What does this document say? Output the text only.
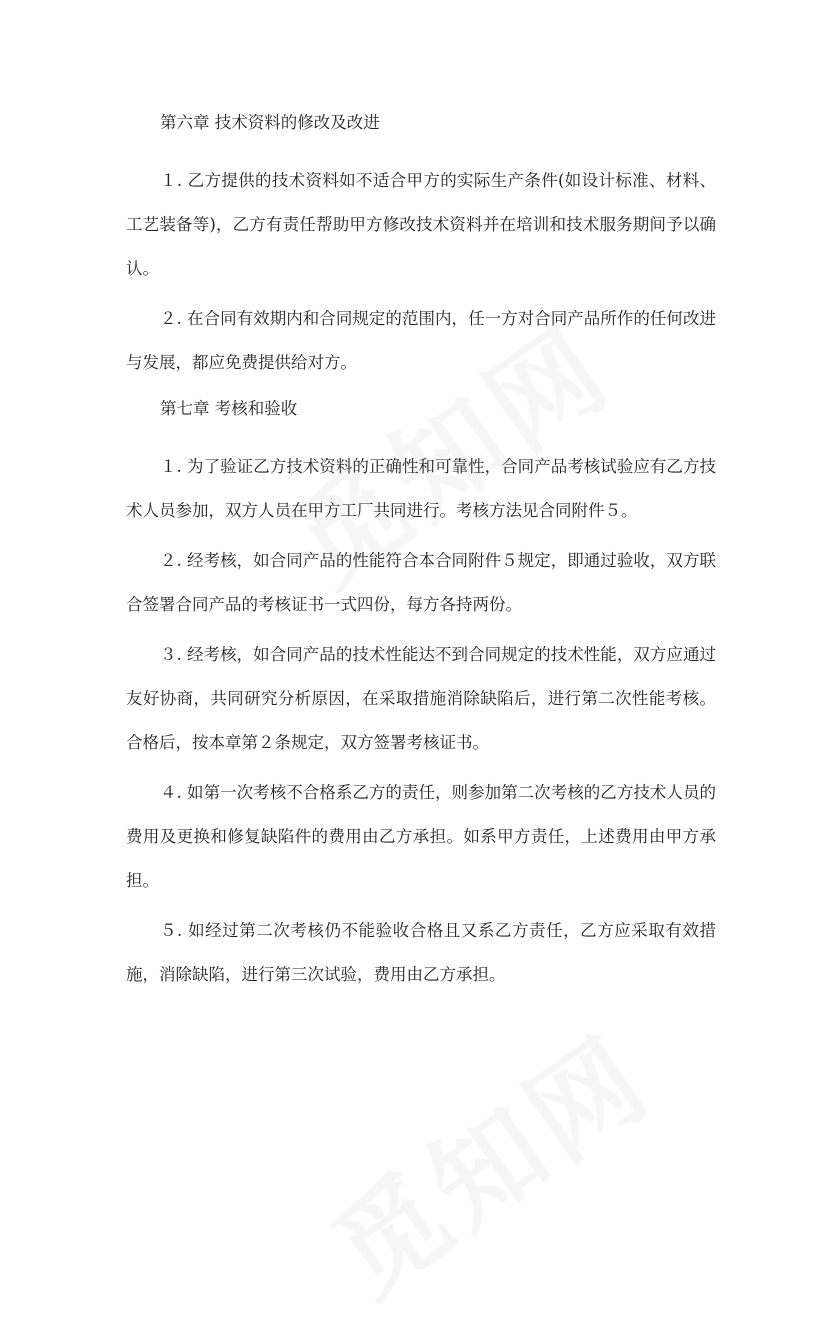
第六章 技术资料的修改及改进

１. 乙方提供的技术资料如不适合甲方的实际生产条件(如设计标准、材料、工艺装备等)，乙方有责任帮助甲方修改技术资料并在培训和技术服务期间予以确认。

２. 在合同有效期内和合同规定的范围内，任一方对合同产品所作的任何改进与发展，都应免费提供给对方。

第七章 考核和验收

１. 为了验证乙方技术资料的正确性和可靠性，合同产品考核试验应有乙方技术人员参加，双方人员在甲方工厂共同进行。考核方法见合同附件５。

２. 经考核，如合同产品的性能符合本合同附件５规定，即通过验收，双方联合签署合同产品的考核证书一式四份，每方各持两份。

３. 经考核，如合同产品的技术性能达不到合同规定的技术性能，双方应通过友好协商，共同研究分析原因，在采取措施消除缺陷后，进行第二次性能考核。合格后，按本章第２条规定，双方签署考核证书。

４. 如第一次考核不合格系乙方的责任，则参加第二次考核的乙方技术人员的费用及更换和修复缺陷件的费用由乙方承担。如系甲方责任，上述费用由甲方承担。

５. 如经过第二次考核仍不能验收合格且又系乙方责任，乙方应采取有效措施，消除缺陷，进行第三次试验，费用由乙方承担。
